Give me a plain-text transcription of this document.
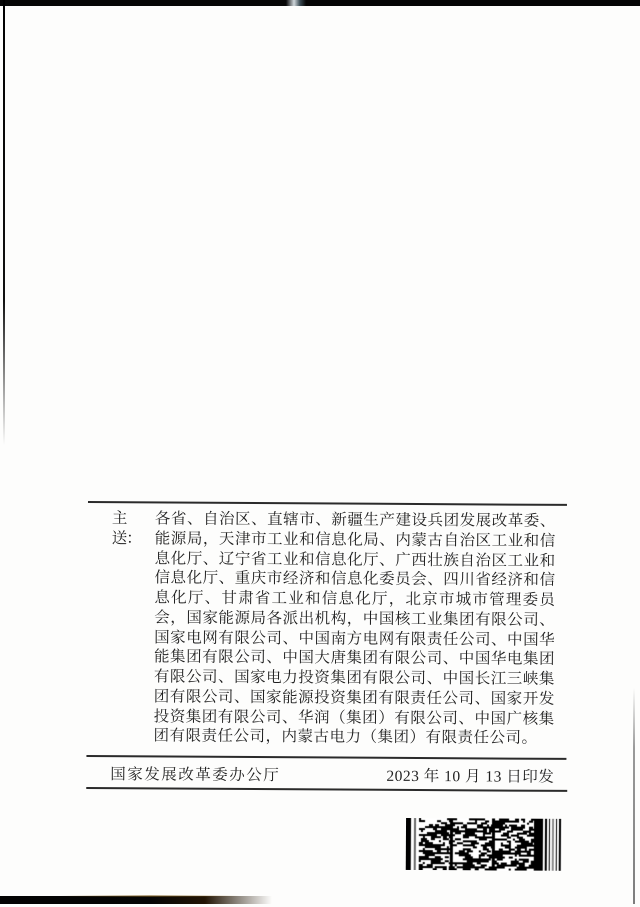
主送：
各省、自治区、直辖市、新疆生产建设兵团发展改革委、
能源局，天津市工业和信息化局、内蒙古自治区工业和信
息化厅、辽宁省工业和信息化厅、广西壮族自治区工业和
信息化厅、重庆市经济和信息化委员会、四川省经济和信
息化厅、甘肃省工业和信息化厅，北京市城市管理委员
会，国家能源局各派出机构，中国核工业集团有限公司、
国家电网有限公司、中国南方电网有限责任公司、中国华
能集团有限公司、中国大唐集团有限公司、中国华电集团
有限公司、国家电力投资集团有限公司、中国长江三峡集
团有限公司、国家能源投资集团有限责任公司、国家开发
投资集团有限公司、华润（集团）有限公司、中国广核集
团有限责任公司，内蒙古电力（集团）有限责任公司。
国家发展改革委办公厅	2023 年 10 月 13 日印发
